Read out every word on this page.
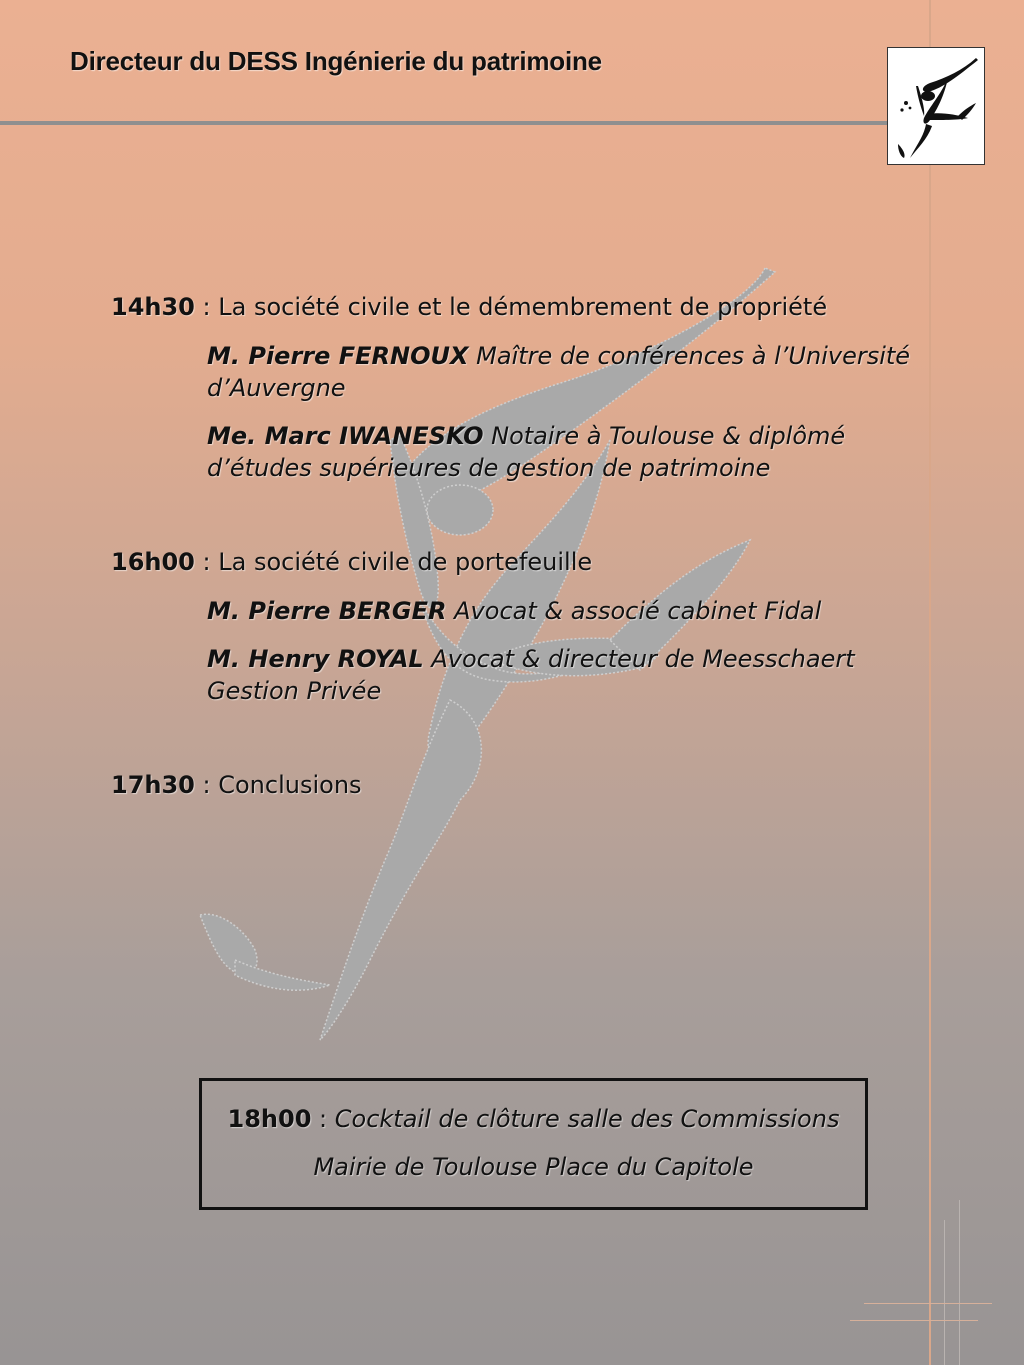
Directeur du DESS Ingénierie du patrimoine
14h30 : La société civile et le démembrement de propriété
M. Pierre FERNOUX Maître de conférences à l’Université d’Auvergne
Me. Marc IWANESKO Notaire à Toulouse & diplômé d’études supérieures de gestion de patrimoine
16h00 : La société civile de portefeuille
M. Pierre BERGER Avocat & associé cabinet Fidal
M. Henry ROYAL Avocat & directeur de Meesschaert Gestion Privée
17h30 : Conclusions
18h00 : Cocktail de clôture salle des Commissions
Mairie de Toulouse Place du Capitole
